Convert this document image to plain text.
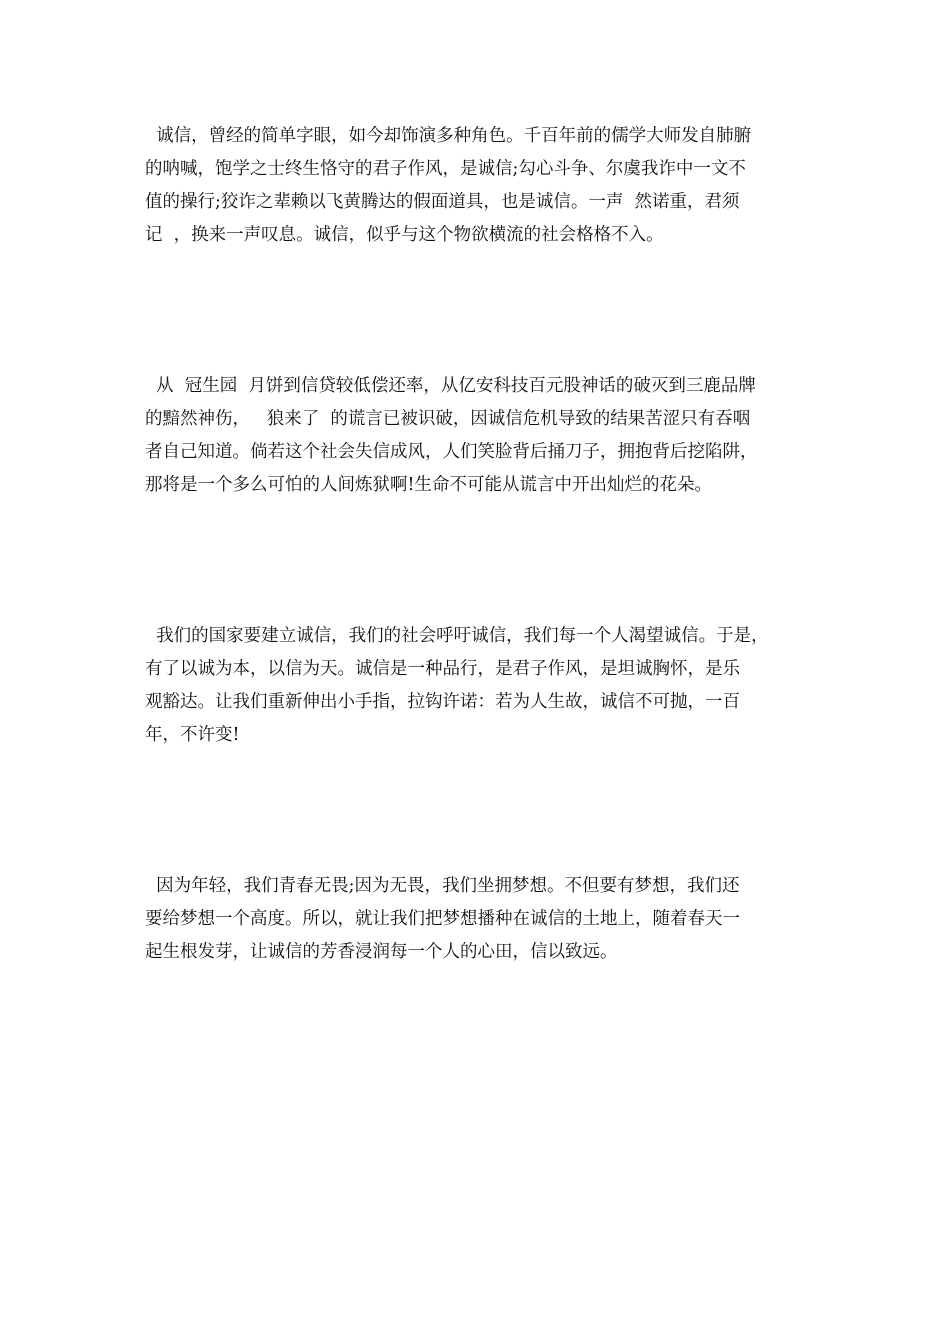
诚信，曾经的简单字眼，如今却饰演多种角色。千百年前的儒学大师发自肺腑
的呐喊，饱学之士终生恪守的君子作风，是诚信;勾心斗争、尔虞我诈中一文不
值的操行;狡诈之辈赖以飞黄腾达的假面道具，也是诚信。一声  然诺重，君须
记  ，换来一声叹息。诚信，似乎与这个物欲横流的社会格格不入。
从  冠生园  月饼到信贷较低偿还率，从亿安科技百元股神话的破灭到三鹿品牌
的黯然神伤，   狼来了  的谎言已被识破，因诚信危机导致的结果苦涩只有吞咽
者自己知道。倘若这个社会失信成风，人们笑脸背后捅刀子，拥抱背后挖陷阱，
那将是一个多么可怕的人间炼狱啊!生命不可能从谎言中开出灿烂的花朵。
我们的国家要建立诚信，我们的社会呼吁诚信，我们每一个人渴望诚信。于是，
有了以诚为本，以信为天。诚信是一种品行，是君子作风，是坦诚胸怀，是乐
观豁达。让我们重新伸出小手指，拉钩许诺：若为人生故，诚信不可抛，一百
年，不许变!
因为年轻，我们青春无畏;因为无畏，我们坐拥梦想。不但要有梦想，我们还
要给梦想一个高度。所以，就让我们把梦想播种在诚信的土地上，随着春天一
起生根发芽，让诚信的芳香浸润每一个人的心田，信以致远。
